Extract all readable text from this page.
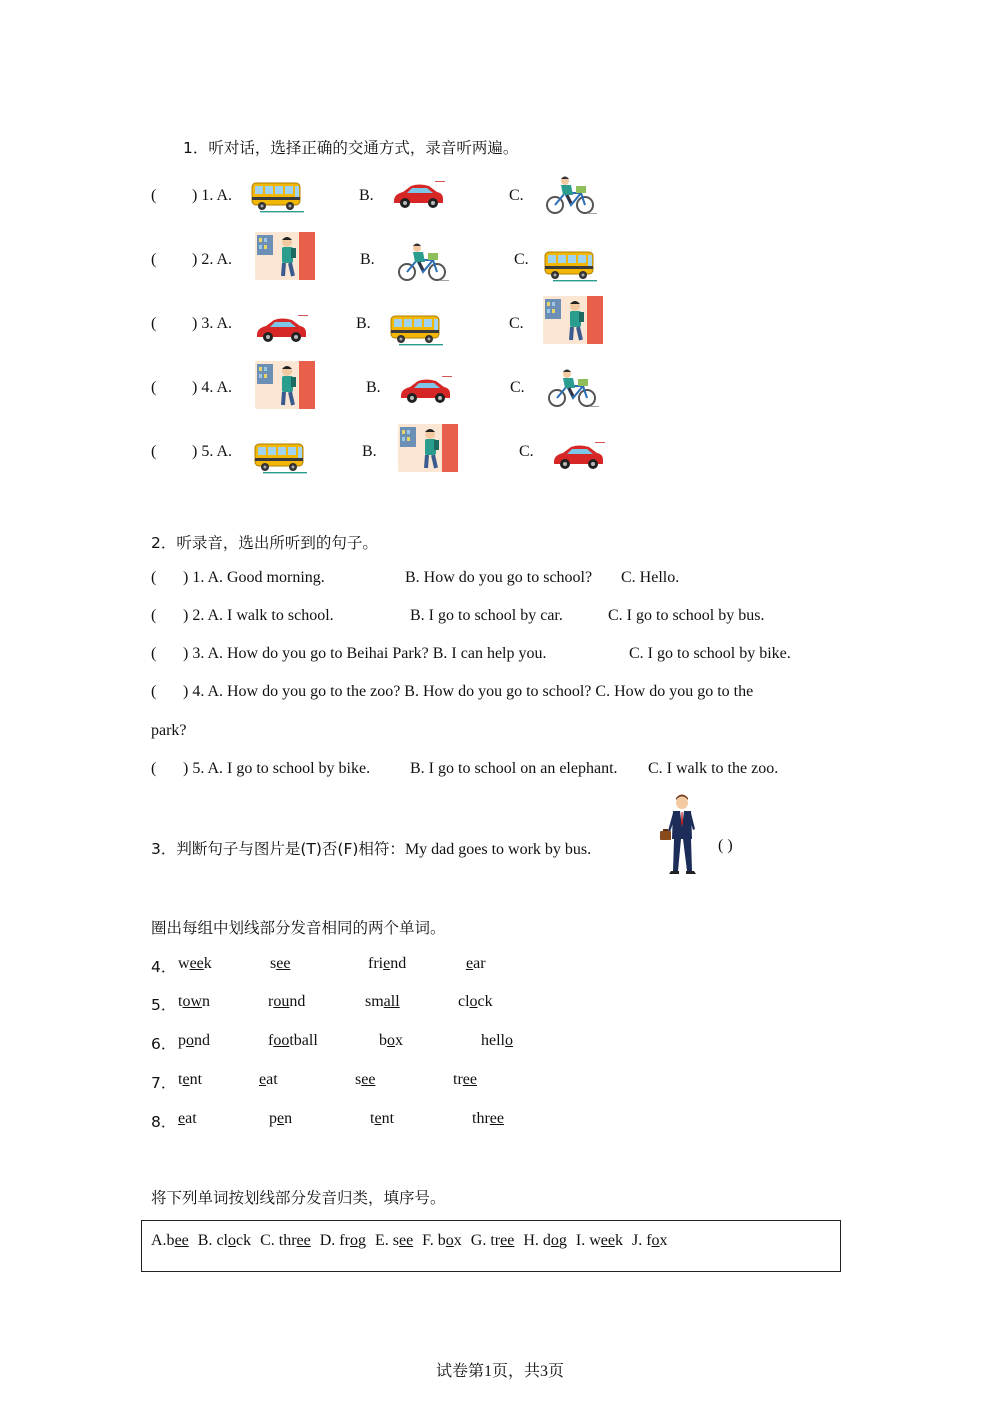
1．听对话，选择正确的交通方式，录音听两遍。
( ) 1. A.	B.	C.
( ) 2. A.	B.	C.
( ) 3. A.	B.	C.
( ) 4. A.	B.	C.
( ) 5. A.	B.	C.
2．听录音，选出所听到的句子。
( ) 1. A. Good morning.	B. How do you go to school? C. Hello.
( ) 2. A. I walk to school.	B. I go to school by car.	C. I go to school by bus.
( ) 3. A. How do you go to Beihai Park? B. I can help you.	C. I go to school by bike.
( ) 4. A. How do you go to the zoo? B. How do you go to school? C. How do you go to the
park?
( ) 5. A. I go to school by bike. B. I go to school on an elephant. C. I walk to the zoo.
3．判断句子与图片是(T)否(F)相符：My dad goes to work by bus.	( )
圈出每组中划线部分发音相同的两个单词。
4． week	see	friend	ear
5． town	round	small	clock
6． pond	football	box	hello
7． tent	eat	see	tree
8． eat	pen	tent	three
将下列单词按划线部分发音归类，填序号。
A.bee B. clock C. three D. frog E. see F. box G. tree H. dog I. week J. fox
试卷第1页，共3页
